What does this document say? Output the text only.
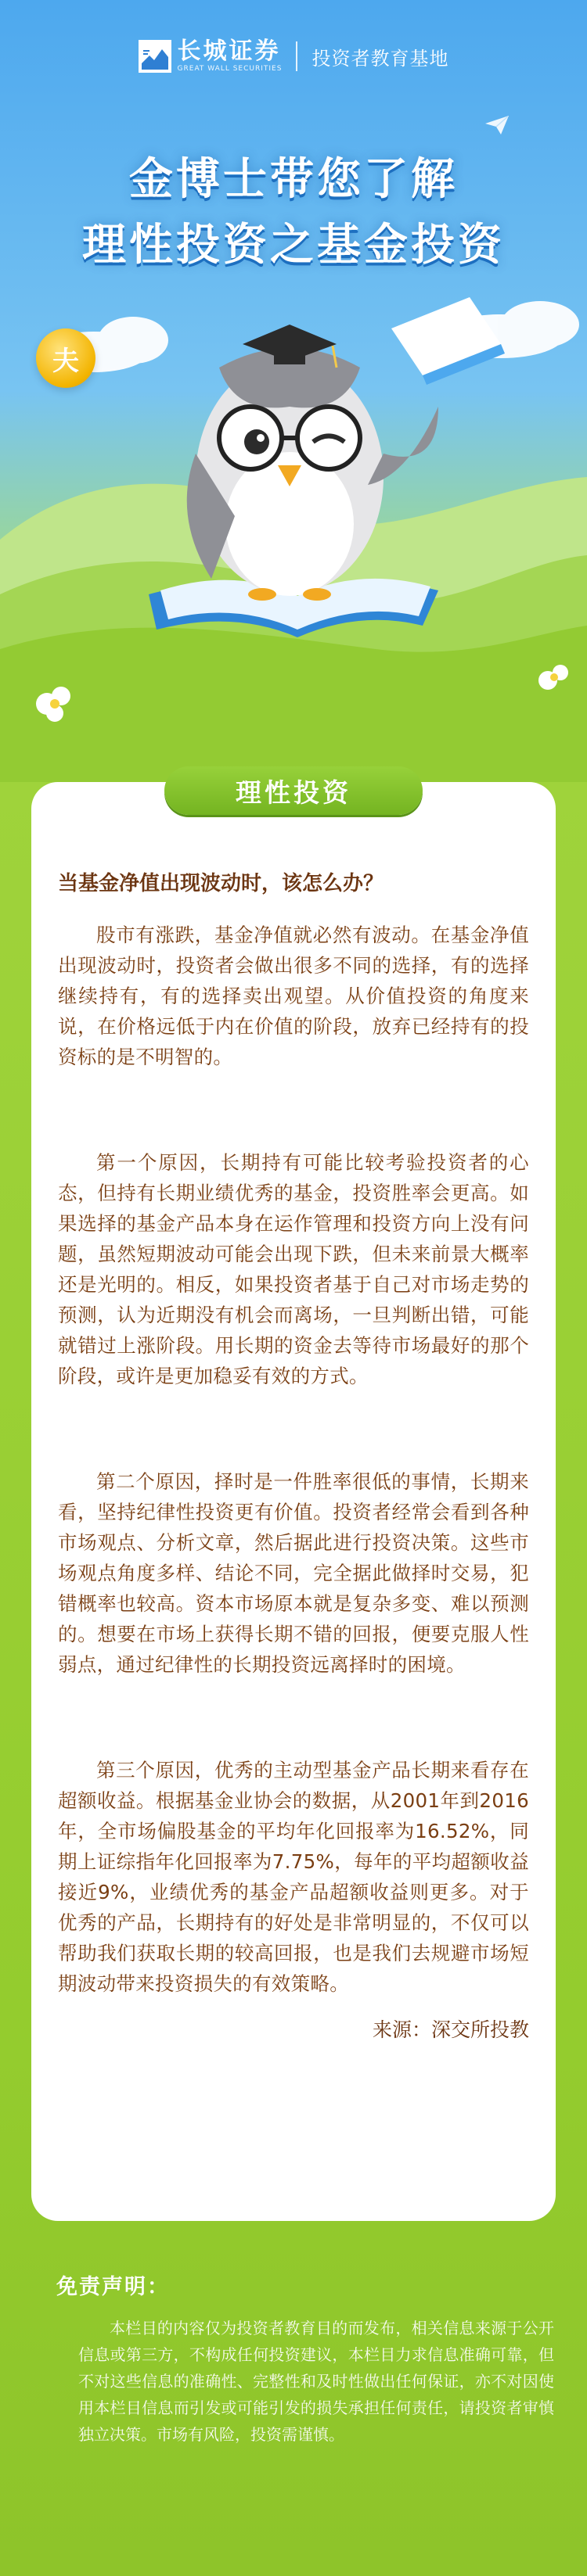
长城证券
GREAT WALL SECURITIES 投资者教育基地
金博士带您了解
理性投资之基金投资
夫
理性投资
当基金净值出现波动时，该怎么办？

股市有涨跌，基金净值就必然有波动。在基金净值出现波动时，投资者会做出很多不同的选择，有的选择继续持有，有的选择卖出观望。从价值投资的角度来说，在价格远低于内在价值的阶段，放弃已经持有的投资标的是不明智的。

第一个原因，长期持有可能比较考验投资者的心态，但持有长期业绩优秀的基金，投资胜率会更高。如果选择的基金产品本身在运作管理和投资方向上没有问题，虽然短期波动可能会出现下跌，但未来前景大概率还是光明的。相反，如果投资者基于自己对市场走势的预测，认为近期没有机会而离场，一旦判断出错，可能就错过上涨阶段。用长期的资金去等待市场最好的那个阶段，或许是更加稳妥有效的方式。

第二个原因，择时是一件胜率很低的事情，长期来看，坚持纪律性投资更有价值。投资者经常会看到各种市场观点、分析文章，然后据此进行投资决策。这些市场观点角度多样、结论不同，完全据此做择时交易，犯错概率也较高。资本市场原本就是复杂多变、难以预测的。想要在市场上获得长期不错的回报，便要克服人性弱点，通过纪律性的长期投资远离择时的困境。

第三个原因，优秀的主动型基金产品长期来看存在超额收益。根据基金业协会的数据，从2001年到2016年，全市场偏股基金的平均年化回报率为16.52%，同期上证综指年化回报率为7.75%，每年的平均超额收益接近9%，业绩优秀的基金产品超额收益则更多。对于优秀的产品，长期持有的好处是非常明显的，不仅可以帮助我们获取长期的较高回报，也是我们去规避市场短期波动带来投资损失的有效策略。

来源：深交所投教
免责声明：

本栏目的内容仅为投资者教育目的而发布，相关信息来源于公开信息或第三方，不构成任何投资建议，本栏目力求信息准确可靠，但不对这些信息的准确性、完整性和及时性做出任何保证，亦不对因使用本栏目信息而引发或可能引发的损失承担任何责任，请投资者审慎独立决策。市场有风险，投资需谨慎。
